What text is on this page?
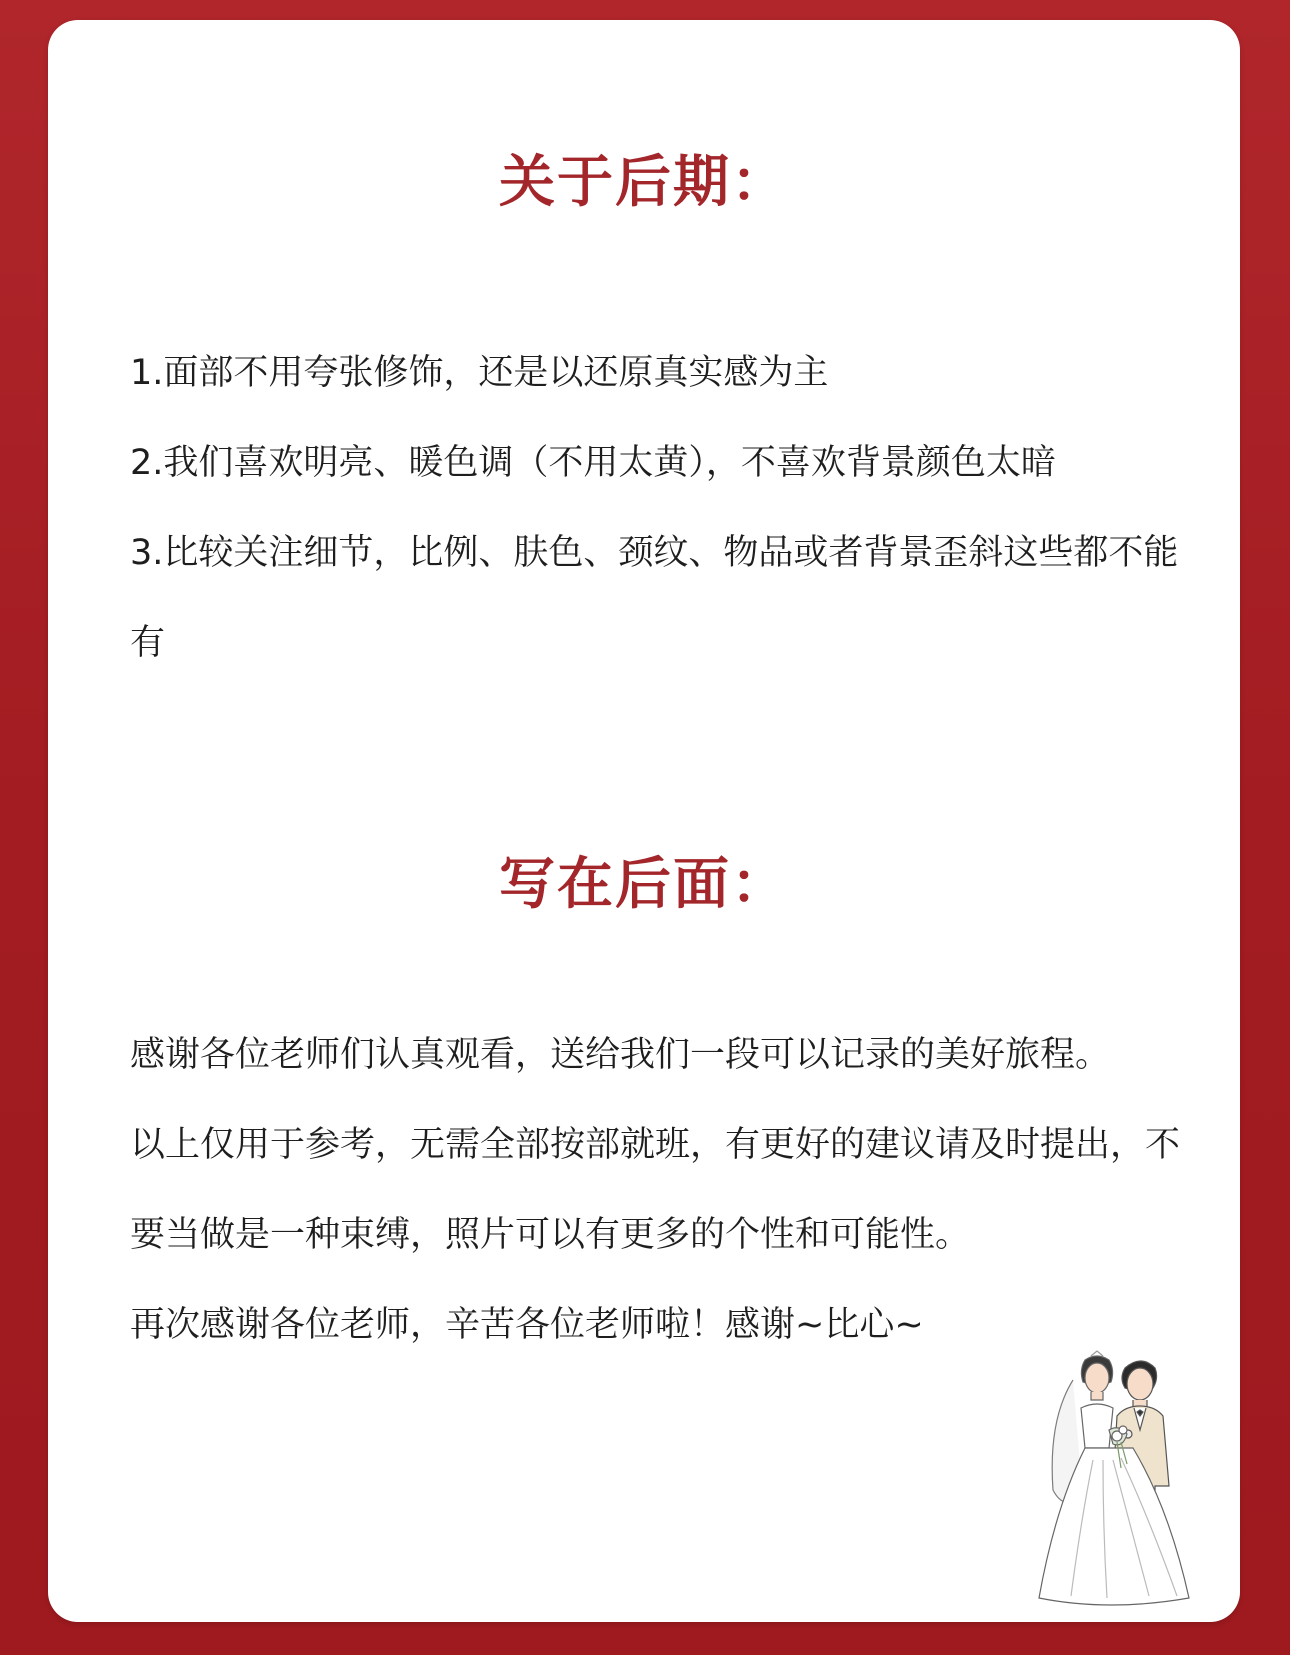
关于后期：
1.面部不用夸张修饰，还是以还原真实感为主
2.我们喜欢明亮、暖色调（不用太黄），不喜欢背景颜色太暗
3.比较关注细节，比例、肤色、颈纹、物品或者背景歪斜这些都不能有
写在后面：

感谢各位老师们认真观看，送给我们一段可以记录的美好旅程。

以上仅用于参考，无需全部按部就班，有更好的建议请及时提出，不要当做是一种束缚，照片可以有更多的个性和可能性。

再次感谢各位老师，辛苦各位老师啦！感谢~比心~
